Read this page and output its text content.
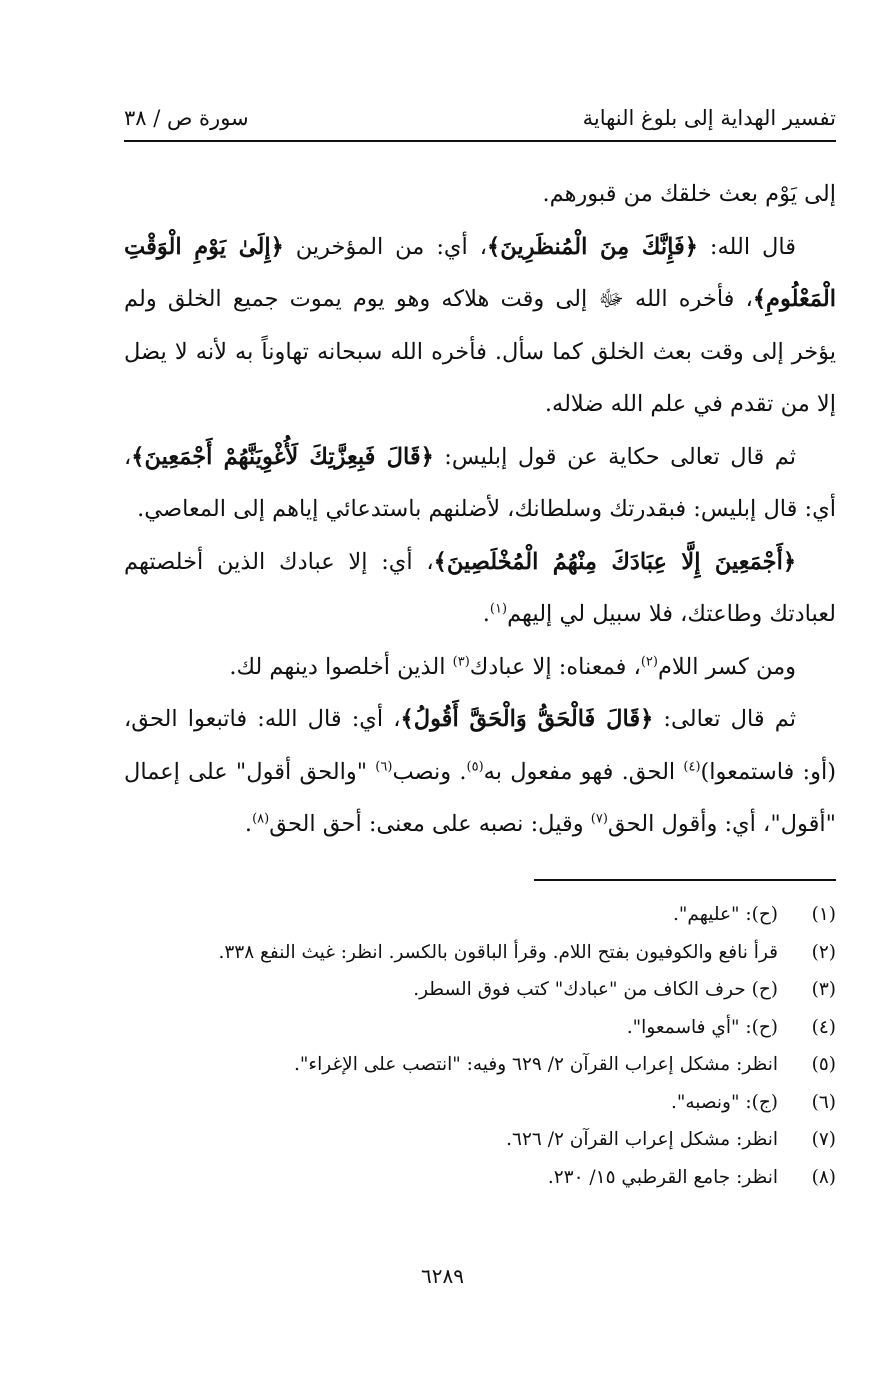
تفسير الهداية إلى بلوغ النهاية
سورة ص / ٣٨

إلى يَوْم بعث خلقك من قبورهم.

قال الله: ﴿فَإِنَّكَ مِنَ الْمُنظَرِينَ﴾، أي: من المؤخرين ﴿إِلَىٰ يَوْمِ الْوَقْتِ الْمَعْلُومِ﴾، فأخره الله ﷻ إلى وقت هلاكه وهو يوم يموت جميع الخلق ولم يؤخر إلى وقت بعث الخلق كما سأل. فأخره الله سبحانه تهاوناً به لأنه لا يضل إلا من تقدم في علم الله ضلاله.

ثم قال تعالى حكاية عن قول إبليس: ﴿قَالَ فَبِعِزَّتِكَ لَأُغْوِيَنَّهُمْ أَجْمَعِينَ﴾، أي: قال إبليس: فبقدرتك وسلطانك، لأضلنهم باستدعائي إياهم إلى المعاصي.

﴿أَجْمَعِينَ إِلَّا عِبَادَكَ مِنْهُمُ الْمُخْلَصِينَ﴾، أي: إلا عبادك الذين أخلصتهم لعبادتك وطاعتك، فلا سبيل لي إليهم$^{(١)}$.

ومن كسر اللام$^{(٢)}$، فمعناه: إلا عبادك$^{(٣)}$ الذين أخلصوا دينهم لك.

ثم قال تعالى: ﴿قَالَ فَالْحَقُّ وَالْحَقَّ أَقُولُ﴾، أي: قال الله: فاتبعوا الحق، (أو: فاستمعوا)$^{(٤)}$ الحق. فهو مفعول به$^{(٥)}$. ونصب$^{(٦)}$ "والحق أقول" على إعمال "أقول"، أي: وأقول الحق$^{(٧)}$ وقيل: نصبه على معنى: أحق الحق$^{(٨)}$.

(١)
(ح): "عليهم".
(٢)
قرأ نافع والكوفيون بفتح اللام. وقرأ الباقون بالكسر. انظر: غيث النفع ٣٣٨.
(٣)
(ح) حرف الكاف من "عبادك" كتب فوق السطر.
(٤)
(ح): "أي فاسمعوا".
(٥)
انظر: مشكل إعراب القرآن ٢/ ٦٢٩ وفيه: "انتصب على الإغراء".
(٦)
(ج): "ونصبه".
(٧)
انظر: مشكل إعراب القرآن ٢/ ٦٢٦.
(٨)
انظر: جامع القرطبي ١٥/ ٢٣٠.
٦٢٨٩
